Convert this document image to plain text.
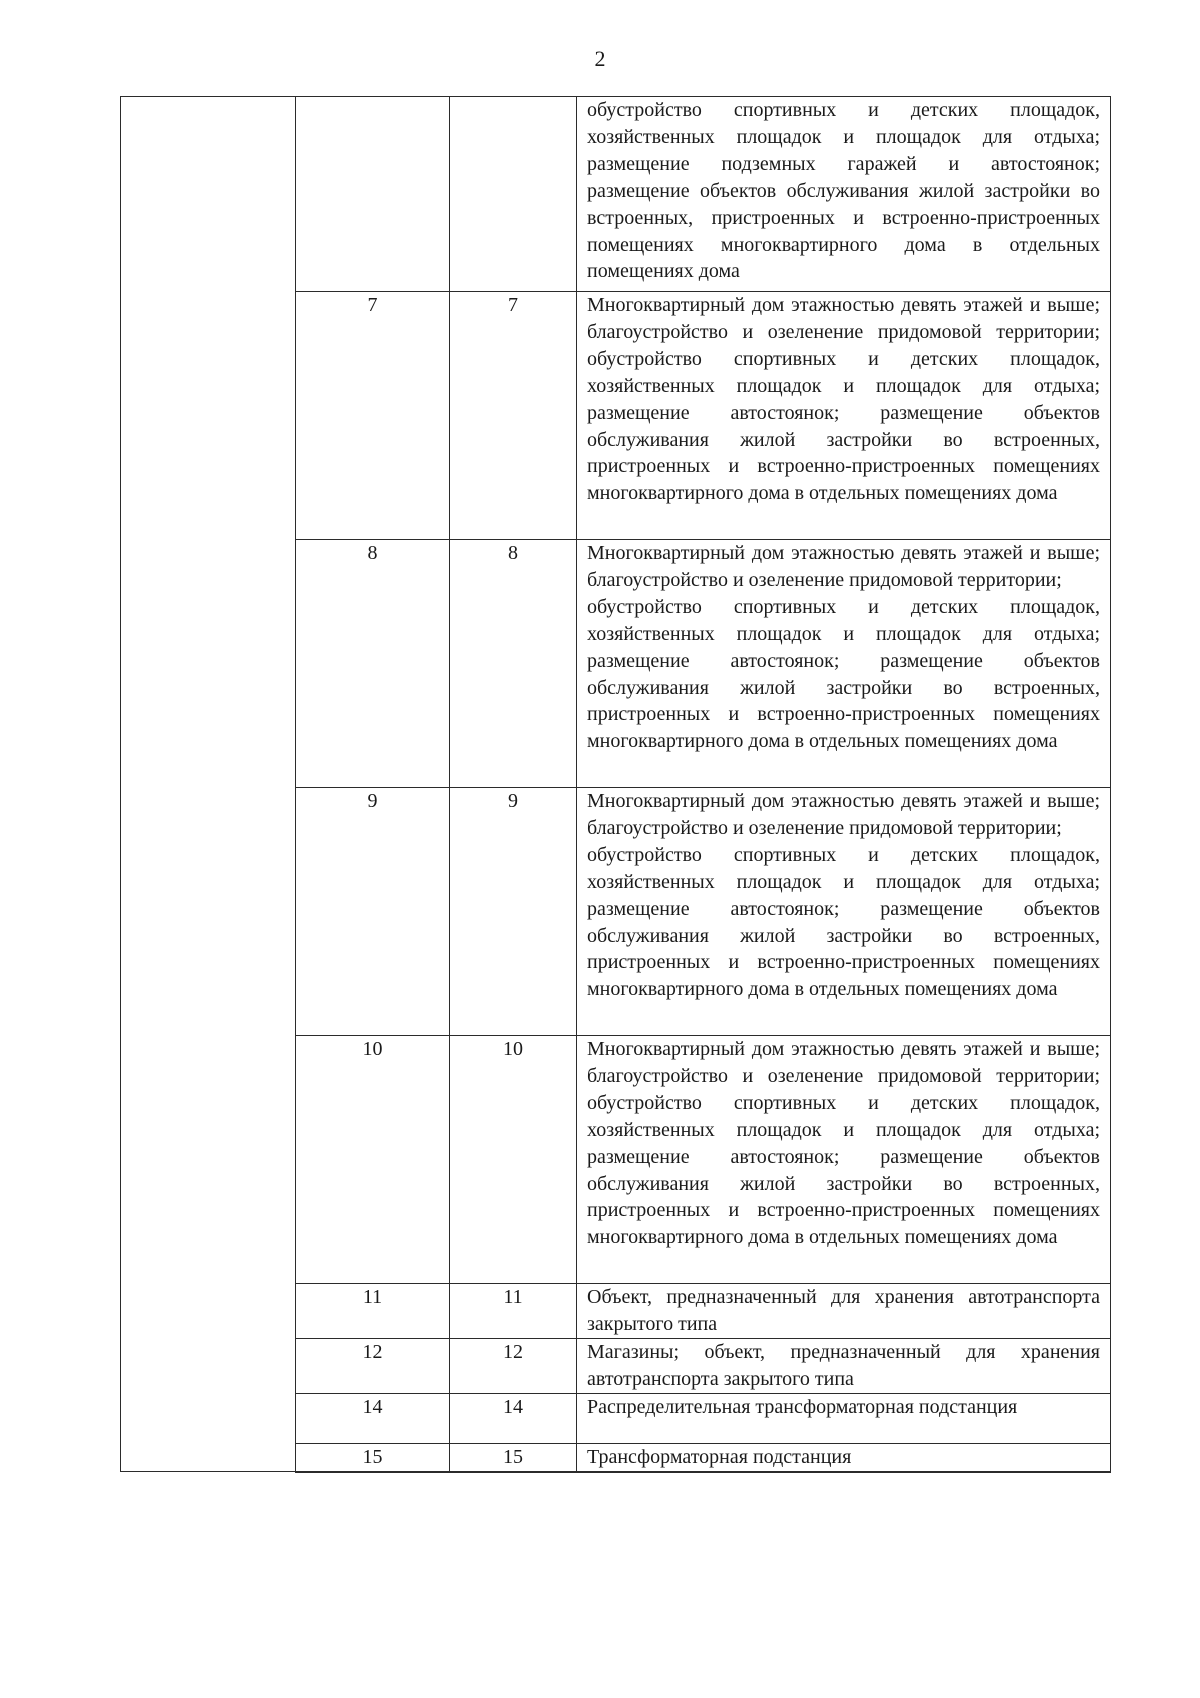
2
			обустройство спортивных и детских площадок, хозяйственных площадок и площадок для отдыха; размещение подземных гаражей и автостоянок; размещение объектов обслуживания жилой застройки во встроенных, пристроенных и встроенно-пристроенных помещениях многоквартирного дома в отдельных помещениях дома
	7	7	Многоквартирный дом этажностью девять этажей и выше; благоустройство и озеленение придомовой территории; обустройство спортивных и детских площадок, хозяйственных площадок и площадок для отдыха; размещение автостоянок; размещение объектов обслуживания жилой застройки во встроенных, пристроенных и встроенно-пристроенных помещениях многоквартирного дома в отдельных помещениях дома
	8	8	Многоквартирный дом этажностью девять этажей и выше; благоустройство и озеленение придомовой территории;
обустройство спортивных и детских площадок, хозяйственных площадок и площадок для отдыха; размещение автостоянок; размещение объектов обслуживания жилой застройки во встроенных, пристроенных и встроенно-пристроенных помещениях многоквартирного дома в отдельных помещениях дома

	9	9	Многоквартирный дом этажностью девять этажей и выше; благоустройство и озеленение придомовой территории;
обустройство спортивных и детских площадок, хозяйственных площадок и площадок для отдыха; размещение автостоянок; размещение объектов обслуживания жилой застройки во встроенных, пристроенных и встроенно-пристроенных помещениях многоквартирного дома в отдельных помещениях дома

	10	10	Многоквартирный дом этажностью девять этажей и выше; благоустройство и озеленение придомовой территории; обустройство спортивных и детских площадок, хозяйственных площадок и площадок для отдыха; размещение автостоянок; размещение объектов обслуживания жилой застройки во встроенных, пристроенных и встроенно-пристроенных помещениях многоквартирного дома в отдельных помещениях дома
	11	11	Объект, предназначенный для хранения автотранспорта закрытого типа
	12	12	Магазины; объект, предназначенный для хранения автотранспорта закрытого типа
	14	14	Распределительная трансформаторная подстанция
	15	15	Трансформаторная подстанция
